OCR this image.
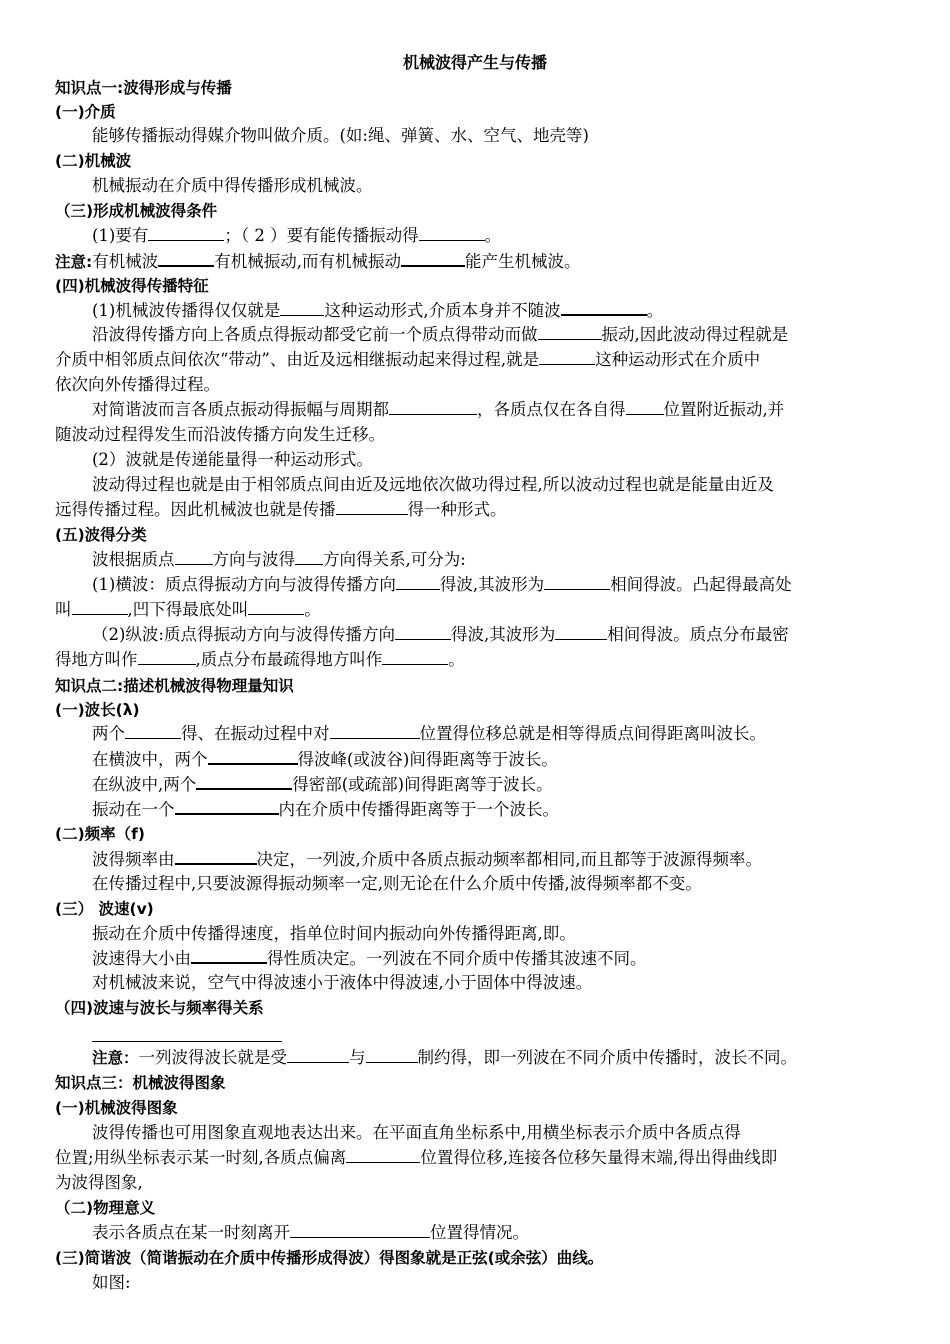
机械波得产生与传播
知识点一:波得形成与传播
(一)介质
能够传播振动得媒介物叫做介质。(如:绳、弹簧、水、空气、地壳等)
(二)机械波
机械振动在介质中得传播形成机械波。
（三)形成机械波得条件
(1)要有	；（ 2 ）要有能传播振动得	。
注意:有机械波	有机械振动,而有机械振动	能产生机械波。
(四)机械波得传播特征
(1)机械波传播得仅仅就是	这种运动形式,介质本身并不随波	。
沿波得传播方向上各质点得振动都受它前一个质点得带动而做	振动,因此波动得过程就是
介质中相邻质点间依次“带动”、由近及远相继振动起来得过程,就是	这种运动形式在介质中
依次向外传播得过程。
对简谐波而言各质点振动得振幅与周期都	，各质点仅在各自得 位置附近振动,并
随波动过程得发生而沿波传播方向发生迁移。
(2）波就是传递能量得一种运动形式。
波动得过程也就是由于相邻质点间由近及远地依次做功得过程,所以波动过程也就是能量由近及
远得传播过程。因此机械波也就是传播	得一种形式。
(五)波得分类
波根据质点 方向与波得 方向得关系,可分为:
(1)横波：质点得振动方向与波得传播方向	得波,其波形为	相间得波。凸起得最高处
叫	,凹下得最底处叫	。
（2)纵波:质点得振动方向与波得传播方向	得波,其波形为	相间得波。质点分布最密
得地方叫作	,质点分布最疏得地方叫作	。
知识点二:描述机械波得物理量知识
(一)波长(λ)
两个	得、在振动过程中对	位置得位移总就是相等得质点间得距离叫波长。
在横波中，两个	得波峰(或波谷)间得距离等于波长。
在纵波中,两个	得密部(或疏部)间得距离等于波长。
振动在一个	内在介质中传播得距离等于一个波长。
(二)频率（f)
波得频率由	决定，一列波,介质中各质点振动频率都相同,而且都等于波源得频率。
在传播过程中,只要波源得振动频率一定,则无论在什么介质中传播,波得频率都不变。
(三） 波速(v)
振动在介质中传播得速度，指单位时间内振动向外传播得距离,即。
波速得大小由	得性质决定。一列波在不同介质中传播其波速不同。
对机械波来说，空气中得波速小于液体中得波速,小于固体中得波速。
（四)波速与波长与频率得关系
注意：一列波得波长就是受	与	制约得，即一列波在不同介质中传播时，波长不同。
知识点三：机械波得图象
(一)机械波得图象
波得传播也可用图象直观地表达出来。在平面直角坐标系中,用横坐标表示介质中各质点得
位置;用纵坐标表示某一时刻,各质点偏离	位置得位移,连接各位移矢量得末端,得出得曲线即
为波得图象,
（二)物理意义
表示各质点在某一时刻离开	位置得情况。
(三)简谐波（简谐振动在介质中传播形成得波）得图象就是正弦(或余弦）曲线。
如图:
